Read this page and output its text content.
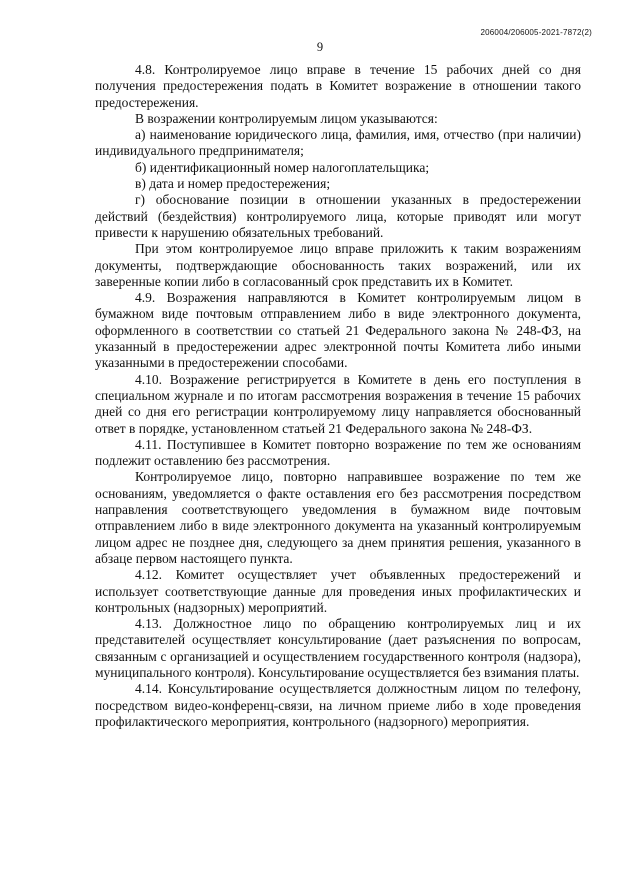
206004/206005-2021-7872(2)
9

4.8. Контролируемое лицо вправе в течение 15 рабочих дней со дня получения предостережения подать в Комитет возражение в отношении такого предостережения.

В возражении контролируемым лицом указываются:

а) наименование юридического лица, фамилия, имя, отчество (при наличии) индивидуального предпринимателя;

б) идентификационный номер налогоплательщика;

в) дата и номер предостережения;

г) обоснование позиции в отношении указанных в предостережении действий (бездействия) контролируемого лица, которые приводят или могут привести к нарушению обязательных требований.

При этом контролируемое лицо вправе приложить к таким возражениям документы, подтверждающие обоснованность таких возражений, или их заверенные копии либо в согласованный срок представить их в Комитет.

4.9. Возражения направляются в Комитет контролируемым лицом в бумажном виде почтовым отправлением либо в виде электронного документа, оформленного в соответствии со статьей 21 Федерального закона № 248-ФЗ, на указанный в предостережении адрес электронной почты Комитета либо иными указанными в предостережении способами.

4.10. Возражение регистрируется в Комитете в день его поступления в специальном журнале и по итогам рассмотрения возражения в течение 15 рабочих дней со дня его регистрации контролируемому лицу направляется обоснованный ответ в порядке, установленном статьей 21 Федерального закона № 248-ФЗ.

4.11. Поступившее в Комитет повторно возражение по тем же основаниям подлежит оставлению без рассмотрения.

Контролируемое лицо, повторно направившее возражение по тем же основаниям, уведомляется о факте оставления его без рассмотрения посредством направления соответствующего уведомления в бумажном виде почтовым отправлением либо в виде электронного документа на указанный контролируемым лицом адрес не позднее дня, следующего за днем принятия решения, указанного в абзаце первом настоящего пункта.

4.12. Комитет осуществляет учет объявленных предостережений и использует соответствующие данные для проведения иных профилактических и контрольных (надзорных) мероприятий.

4.13. Должностное лицо по обращению контролируемых лиц и их представителей осуществляет консультирование (дает разъяснения по вопросам, связанным с организацией и осуществлением государственного контроля (надзора), муниципального контроля). Консультирование осуществляется без взимания платы.

4.14. Консультирование осуществляется должностным лицом по телефону, посредством видео-конференц-связи, на личном приеме либо в ходе проведения профилактического мероприятия, контрольного (надзорного) мероприятия.
